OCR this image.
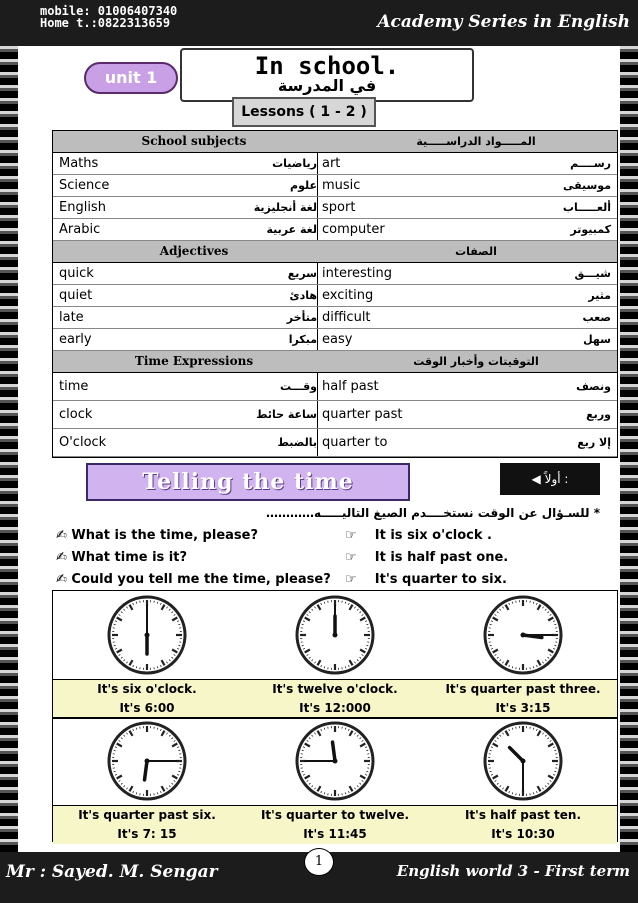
mobile: 01006407340
Home t.:0822313659	Academy Series in English
Mr : Sayed. M. Sengar	English world 3 - First term
1
unit 1	In school.
في المدرسة
Lessons ( 1 - 2 )
School subjects	المـــــواد الدراســـــية
Maths	رياضيات art	رســــم
Science	علوم music	موسيقى
English	لغة أنجليزية sport	ألعـــــاب
Arabic	لغة عربية computer	كمبيوتر
Adjectives	الصفات
quick	سريع interesting	شيـــق
quiet	هادئ exciting	مثير
late	متأخر difficult	صعب
early	مبكرا easy	سهل
Time Expressions	التوقيتات وأخبار الوقت
time	وقـــت half past	ونصف
clock	ساعة حائط quarter past	وربع
O'clock	بالضبط quarter to	إلا ربع
Telling the time	◀ أولاً :
* للسـؤال عن الوقت نستخــــدم الصيغ التاليـــــه…………
✍ What is the time, please?
✍ What time is it?
✍ Could you tell me the time, please?
☞    It is six o'clock .
☞    It is half past one.
☞    It's quarter to six.
It's six o'clock.
It's 6:00
It's twelve o'clock.
It's 12:000
It's quarter past three.
It's 3:15
It's quarter past six.
It's 7: 15
It's quarter to twelve.
It's 11:45
It's half past ten.
It's 10:30
